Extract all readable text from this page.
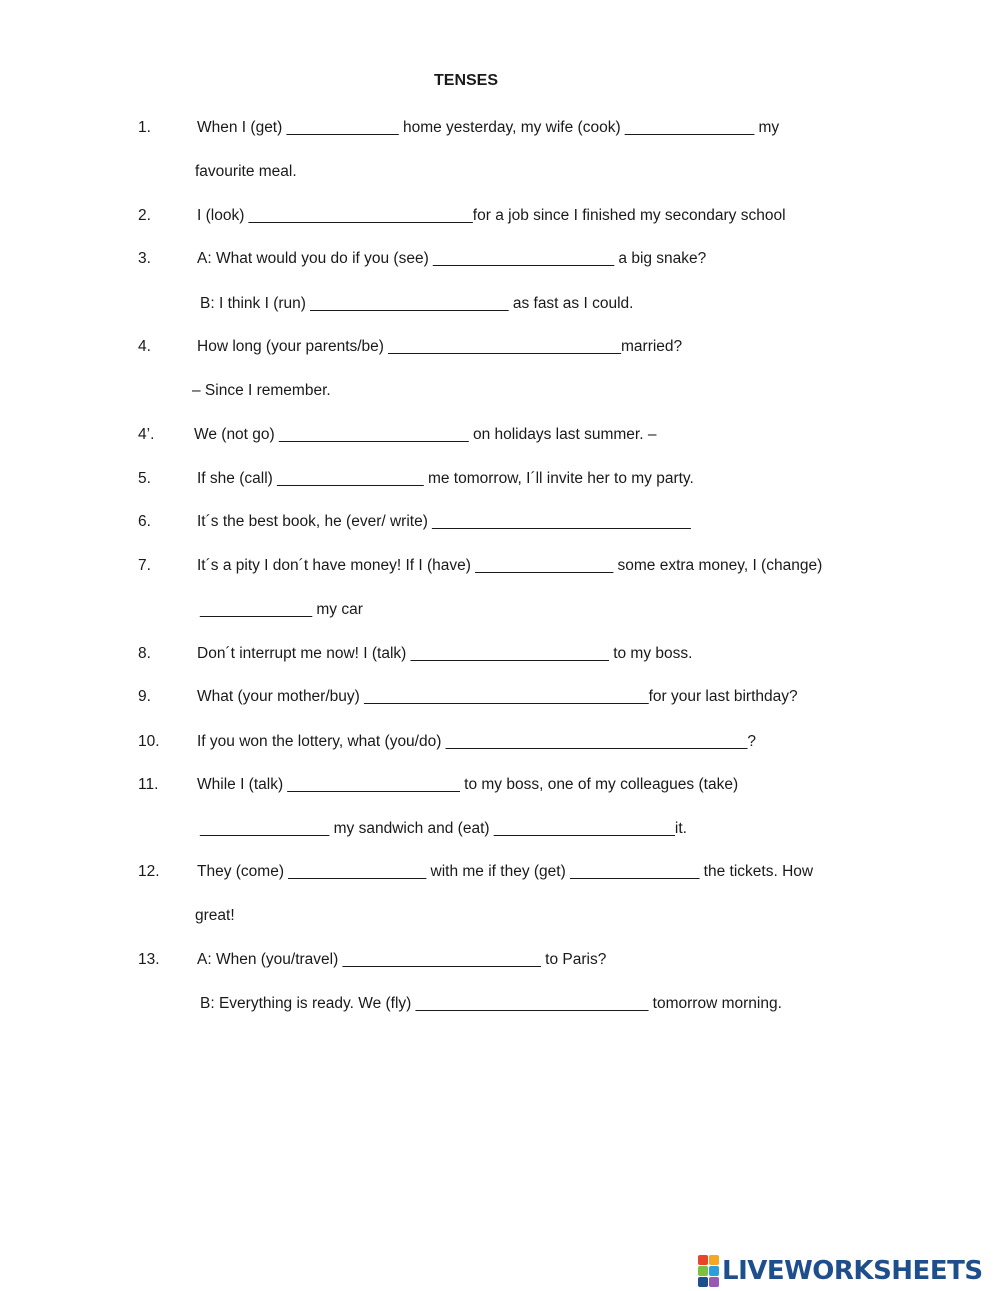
TENSES
1.	When I (get) _____________ home yesterday, my wife (cook) _______________ my
favourite meal.
2.	I (look) __________________________for a job since I finished my secondary school
3.	A: What would you do if you (see) _____________________ a big snake?
B: I think I (run) _______________________ as fast as I could.
4.	How long (your parents/be) ___________________________married?
– Since I remember.
4’.	We (not go) ______________________ on holidays last summer. –
5.	If she (call) _________________ me tomorrow, I´ll invite her to my party.
6.	It´s the best book, he (ever/ write) ______________________________
7.	It´s a pity I don´t have money! If I (have) ________________ some extra money, I (change)
_____________ my car
8.	Don´t interrupt me now! I (talk) _______________________ to my boss.
9.	What (your mother/buy) _________________________________for your last birthday?
10. If you won the lottery, what (you/do) ___________________________________?
11. While I (talk) ____________________ to my boss, one of my colleagues (take)
_______________ my sandwich and (eat) _____________________it.
12. They (come) ________________ with me if they (get) _______________ the tickets. How
great!
13. A: When (you/travel) _______________________ to Paris?
B: Everything is ready. We (fly) ___________________________ tomorrow morning.
LIVEWORKSHEETS
